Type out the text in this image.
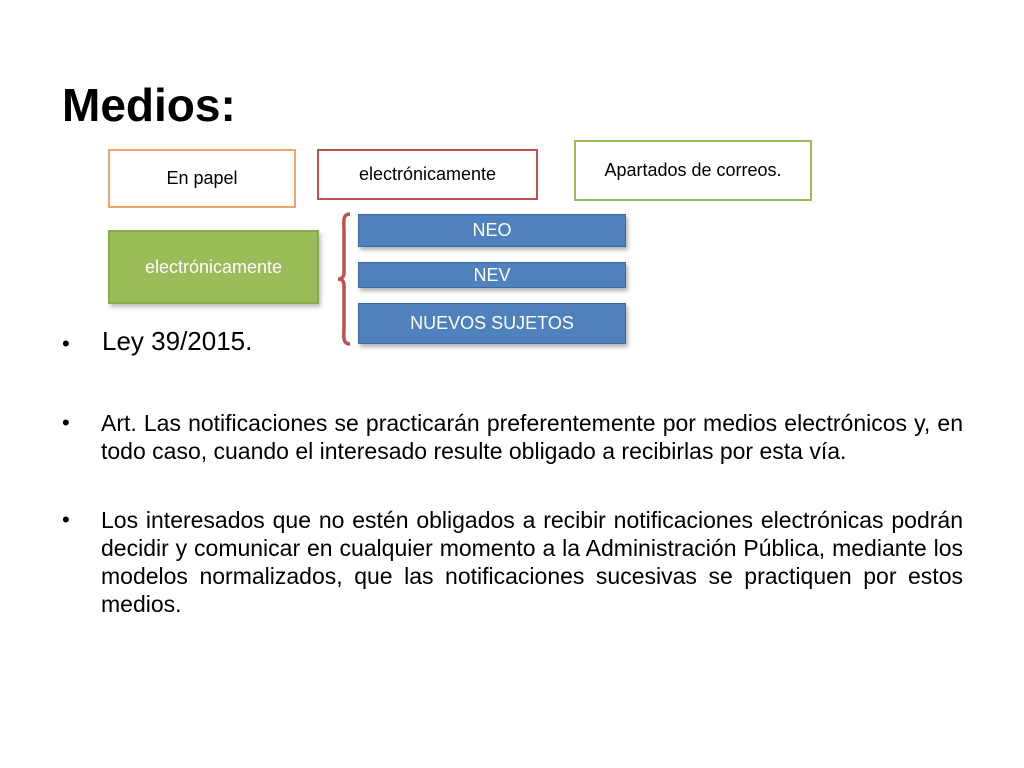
Medios:
En papel	electrónicamente	Apartados de correos.
electrónicamente
NEO
NEV
NUEVOS SUJETOS
• Ley 39/2015.
• Art. Las notificaciones se practicarán preferentemente por medios electrónicos y, en todo caso, cuando el interesado resulte obligado a recibirlas por esta vía.
• Los interesados que no estén obligados a recibir notificaciones electrónicas podrán decidir y comunicar en cualquier momento a la Administración Pública, mediante los modelos normalizados, que las notificaciones sucesivas se practiquen por estos medios.
